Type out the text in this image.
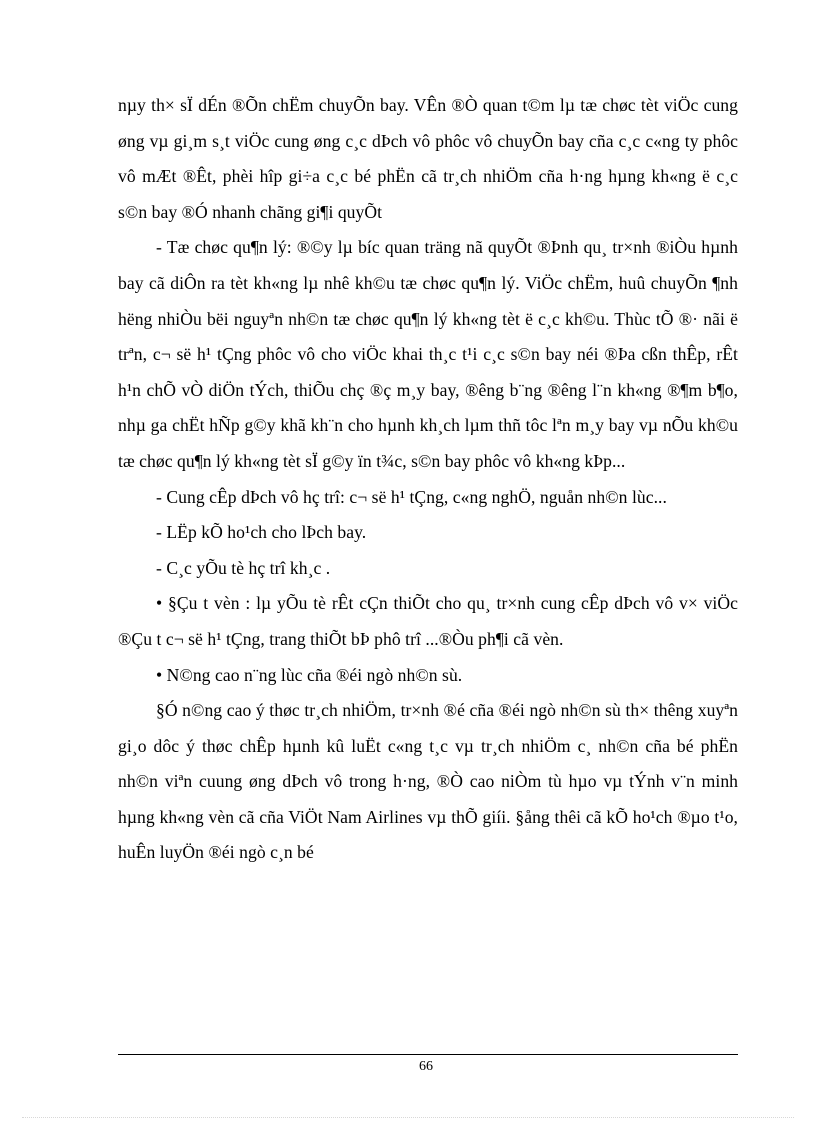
nµy th× sÏ dÉn ®Õn chËm chuyÕn bay. VÊn ®Ò quan t©m lµ tæ chøc tèt viÖc cung øng vµ gi¸m s¸t viÖc cung øng c¸c dÞch vô phôc vô chuyÕn bay cña c¸c c«ng ty phôc vô mÆt ®Êt, phèi hîp gi÷a c¸c bé phËn cã tr¸ch nhiÖm cña h·ng hµng kh«ng ë c¸c s©n bay ®Ó nhanh chãng gi¶i quyÕt

- Tæ chøc qu¶n lý: ®©y lµ bíc quan träng nã quyÕt ®Þnh qu¸ tr×nh ®iÒu hµnh bay cã diÔn ra tèt kh«ng lµ nhê kh©u tæ chøc qu¶n lý. ViÖc chËm, huû chuyÕn ¶nh hëng nhiÒu bëi nguyªn nh©n tæ chøc qu¶n lý kh«ng tèt ë c¸c kh©u. Thùc tÕ ®· nãi ë trªn, c¬ së h¹ tÇng phôc vô cho viÖc khai th¸c t¹i c¸c s©n bay néi ®Þa cßn thÊp, rÊt h¹n chÕ vÒ diÖn tÝch, thiÕu chç ®ç m¸y bay, ®êng b¨ng ®êng l¨n kh«ng ®¶m b¶o, nhµ ga chËt hÑp g©y khã kh¨n cho hµnh kh¸ch lµm thñ tôc lªn m¸y bay vµ nÕu kh©u tæ chøc qu¶n lý kh«ng tèt sÏ g©y ïn t¾c, s©n bay phôc vô kh«ng kÞp...

- Cung cÊp dÞch vô hç trî: c¬ së h¹ tÇng, c«ng nghÖ, nguån nh©n lùc...

- LËp kÕ ho¹ch cho lÞch bay.

- C¸c yÕu tè hç trî kh¸c .

• §Çu t vèn : lµ yÕu tè rÊt cÇn thiÕt cho qu¸ tr×nh cung cÊp dÞch vô v× viÖc ®Çu t c¬ së h¹ tÇng, trang thiÕt bÞ phô trî ...®Òu ph¶i cã vèn.

• N©ng cao n¨ng lùc cña ®éi ngò nh©n sù.

§Ó n©ng cao ý thøc tr¸ch nhiÖm, tr×nh ®é cña ®éi ngò nh©n sù th× thêng xuyªn gi¸o dôc ý thøc chÊp hµnh kû luËt c«ng t¸c vµ tr¸ch nhiÖm c¸ nh©n cña bé phËn nh©n viªn cuung øng dÞch vô trong h·ng, ®Ò cao niÒm tù hµo vµ tÝnh v¨n minh hµng kh«ng vèn cã cña ViÖt Nam Airlines vµ thÕ giíi. §ång thêi cã kÕ ho¹ch ®µo t¹o, huÊn luyÖn ®éi ngò c¸n bé

66
